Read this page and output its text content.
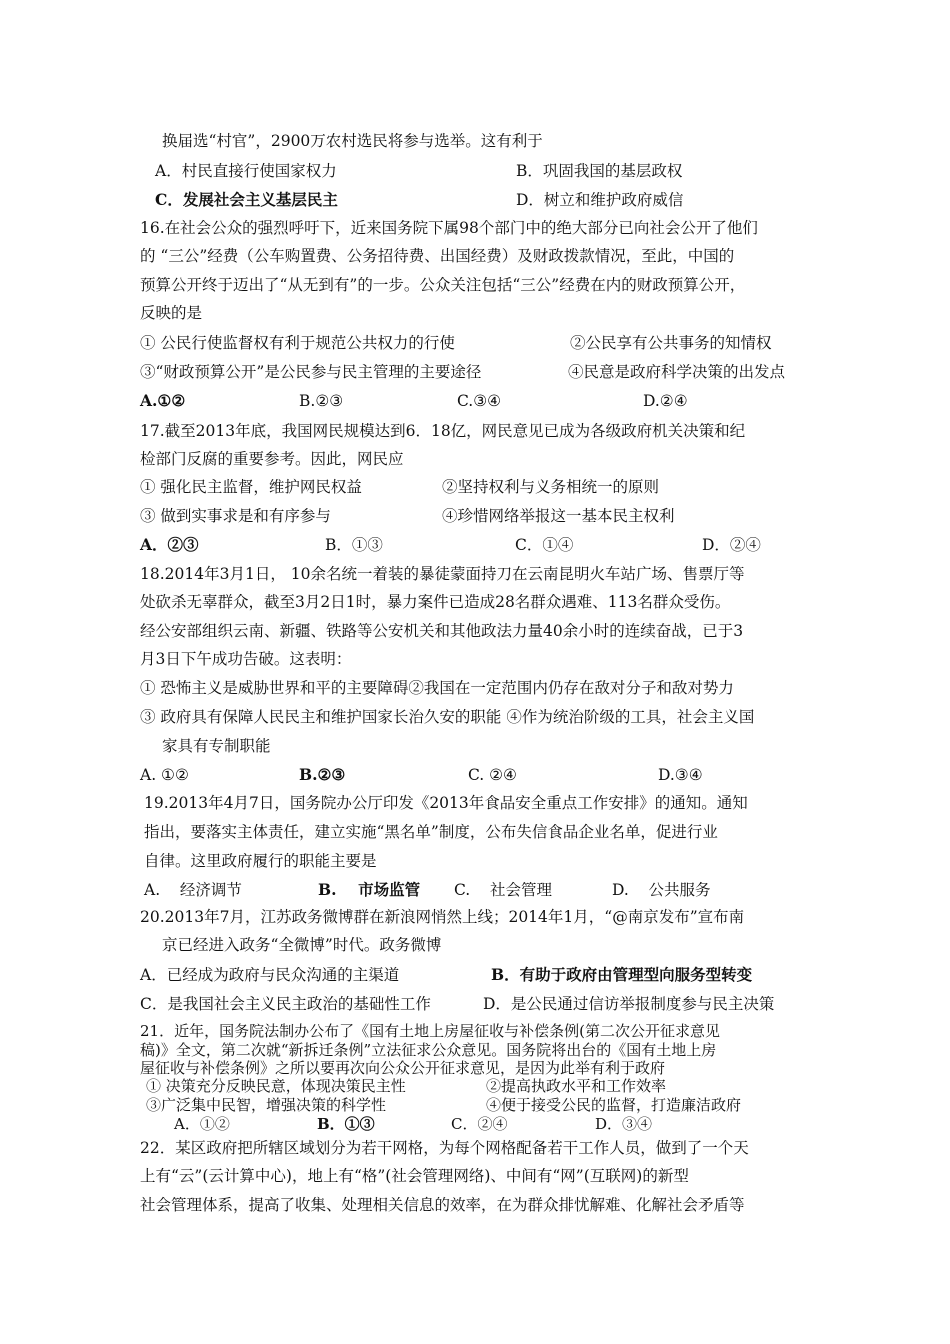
换届选“村官”，2900万农村选民将参与选举。这有利于
A．村民直接行使国家权力	B．巩固我国的基层政权
C．发展社会主义基层民主	D．树立和维护政府威信
16.在社会公众的强烈呼吁下，近来国务院下属98个部门中的绝大部分已向社会公开了他们
的 “三公”经费（公车购置费、公务招待费、出国经费）及财政拨款情况，至此，中国的
预算公开终于迈出了“从无到有”的一步。公众关注包括“三公”经费在内的财政预算公开，
反映的是
① 公民行使监督权有利于规范公共权力的行使	②公民享有公共事务的知情权
③“财政预算公开”是公民参与民主管理的主要途径	④民意是政府科学决策的出发点
A.①②	B.②③	C.③④	D.②④
17.截至2013年底，我国网民规模达到6．18亿，网民意见已成为各级政府机关决策和纪
检部门反腐的重要参考。因此，网民应
① 强化民主监督，维护网民权益	②坚持权利与义务相统一的原则
③ 做到实事求是和有序参与	④珍惜网络举报这一基本民主权利
A．②③	B．①③	C．①④	D．②④
18.2014年3月1日， 10余名统一着装的暴徒蒙面持刀在云南昆明火车站广场、售票厅等
处砍杀无辜群众，截至3月2日1时，暴力案件已造成28名群众遇难、113名群众受伤。
经公安部组织云南、新疆、铁路等公安机关和其他政法力量40余小时的连续奋战，已于3
月3日下午成功告破。这表明：
① 恐怖主义是威胁世界和平的主要障碍②我国在一定范围内仍存在敌对分子和敌对势力
③ 政府具有保障人民民主和维护国家长治久安的职能 ④作为统治阶级的工具，社会主义国
家具有专制职能
A. ①②	B.②③	C. ②④	D.③④
19.2013年4月7日，国务院办公厅印发《2013年食品安全重点工作安排》的通知。通知
指出，要落实主体责任，建立实施“黑名单”制度，公布失信食品企业名单，促进行业
自律。这里政府履行的职能主要是
A.    经济调节	B.    市场监管 C.    社会管理	D.    公共服务
20.2013年7月，江苏政务微博群在新浪网悄然上线；2014年1月，“@南京发布”宣布南
京已经进入政务“全微博”时代。政务微博
A．已经成为政府与民众沟通的主渠道	B．有助于政府由管理型向服务型转变
C．是我国社会主义民主政治的基础性工作	D．是公民通过信访举报制度参与民主决策
21．近年，国务院法制办公布了《国有土地上房屋征收与补偿条例(第二次公开征求意见
稿)》全文，第二次就“新拆迁条例”立法征求公众意见。国务院将出台的《国有土地上房
屋征收与补偿条例》之所以要再次向公众公开征求意见，是因为此举有利于政府
① 决策充分反映民意，体现决策民主性	②提高执政水平和工作效率
③广泛集中民智，增强决策的科学性	④便于接受公民的监督，打造廉洁政府
A．①②	B．①③	C．②④	D．③④
22．某区政府把所辖区域划分为若干网格，为每个网格配备若干工作人员，做到了一个天
上有“云”(云计算中心)，地上有“格”(社会管理网络)、中间有“网”(互联网)的新型
社会管理体系，提高了收集、处理相关信息的效率，在为群众排忧解难、化解社会矛盾等
